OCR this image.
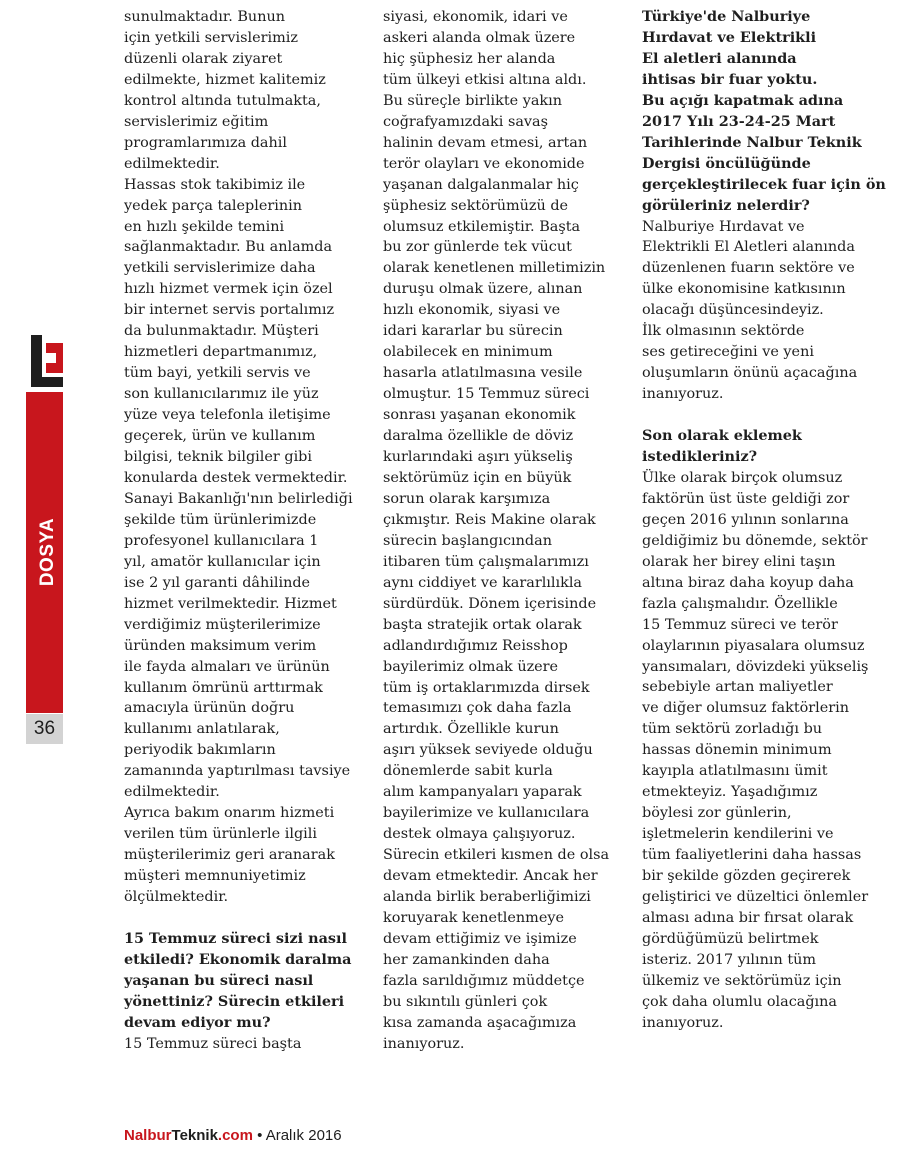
sunulmaktadır. Bunun

için yetkili servislerimiz

düzenli olarak ziyaret

edilmekte, hizmet kalitemiz

kontrol altında tutulmakta,

servislerimiz eğitim

programlarımıza dahil

edilmektedir.

Hassas stok takibimiz ile

yedek parça taleplerinin

en hızlı şekilde temini

sağlanmaktadır. Bu anlamda

yetkili servislerimize daha

hızlı hizmet vermek için özel

bir internet servis portalımız

da bulunmaktadır. Müşteri

hizmetleri departmanımız,

tüm bayi, yetkili servis ve

son kullanıcılarımız ile yüz

yüze veya telefonla iletişime

geçerek, ürün ve kullanım

bilgisi, teknik bilgiler gibi

konularda destek vermektedir.

Sanayi Bakanlığı'nın belirlediği

şekilde tüm ürünlerimizde

profesyonel kullanıcılara 1

yıl, amatör kullanıcılar için

ise 2 yıl garanti dâhilinde

hizmet verilmektedir. Hizmet

verdiğimiz müşterilerimize

üründen maksimum verim

ile fayda almaları ve ürünün

kullanım ömrünü arttırmak

amacıyla ürünün doğru

kullanımı anlatılarak,

periyodik bakımların

zamanında yaptırılması tavsiye

edilmektedir.

Ayrıca bakım onarım hizmeti

verilen tüm ürünlerle ilgili

müşterilerimiz geri aranarak

müşteri memnuniyetimiz

ölçülmektedir.

15 Temmuz süreci sizi nasıl

etkiledi? Ekonomik daralma

yaşanan bu süreci nasıl

yönettiniz? Sürecin etkileri

devam ediyor mu?

15 Temmuz süreci başta

siyasi, ekonomik, idari ve

askeri alanda olmak üzere

hiç şüphesiz her alanda

tüm ülkeyi etkisi altına aldı.

Bu süreçle birlikte yakın

coğrafyamızdaki savaş

halinin devam etmesi, artan

terör olayları ve ekonomide

yaşanan dalgalanmalar hiç

şüphesiz sektörümüzü de

olumsuz etkilemiştir. Başta

bu zor günlerde tek vücut

olarak kenetlenen milletimizin

duruşu olmak üzere, alınan

hızlı ekonomik, siyasi ve

idari kararlar bu sürecin

olabilecek en minimum

hasarla atlatılmasına vesile

olmuştur. 15 Temmuz süreci

sonrası yaşanan ekonomik

daralma özellikle de döviz

kurlarındaki aşırı yükseliş

sektörümüz için en büyük

sorun olarak karşımıza

çıkmıştır. Reis Makine olarak

sürecin başlangıcından

itibaren tüm çalışmalarımızı

aynı ciddiyet ve kararlılıkla

sürdürdük. Dönem içerisinde

başta stratejik ortak olarak

adlandırdığımız Reisshop

bayilerimiz olmak üzere

tüm iş ortaklarımızda dirsek

temasımızı çok daha fazla

artırdık. Özellikle kurun

aşırı yüksek seviyede olduğu

dönemlerde sabit kurla

alım kampanyaları yaparak

bayilerimize ve kullanıcılara

destek olmaya çalışıyoruz.

Sürecin etkileri kısmen de olsa

devam etmektedir. Ancak her

alanda birlik beraberliğimizi

koruyarak kenetlenmeye

devam ettiğimiz ve işimize

her zamankinden daha

fazla sarıldığımız müddetçe

bu sıkıntılı günleri çok

kısa zamanda aşacağımıza

inanıyoruz.

Türkiye'de Nalburiye

Hırdavat ve Elektrikli

El aletleri alanında

ihtisas bir fuar yoktu.

Bu açığı kapatmak adına

2017 Yılı 23-24-25 Mart

Tarihlerinde Nalbur Teknik

Dergisi öncülüğünde

gerçekleştirilecek fuar için ön

görüleriniz nelerdir?

Nalburiye Hırdavat ve

Elektrikli El Aletleri alanında

düzenlenen fuarın sektöre ve

ülke ekonomisine katkısının

olacağı düşüncesindeyiz.

İlk olmasının sektörde

ses getireceğini ve yeni

oluşumların önünü açacağına

inanıyoruz.

Son olarak eklemek

istedikleriniz?

Ülke olarak birçok olumsuz

faktörün üst üste geldiği zor

geçen 2016 yılının sonlarına

geldiğimiz bu dönemde, sektör

olarak her birey elini taşın

altına biraz daha koyup daha

fazla çalışmalıdır. Özellikle

15 Temmuz süreci ve terör

olaylarının piyasalara olumsuz

yansımaları, dövizdeki yükseliş

sebebiyle artan maliyetler

ve diğer olumsuz faktörlerin

tüm sektörü zorladığı bu

hassas dönemin minimum

kayıpla atlatılmasını ümit

etmekteyiz. Yaşadığımız

böylesi zor günlerin,

işletmelerin kendilerini ve

tüm faaliyetlerini daha hassas

bir şekilde gözden geçirerek

geliştirici ve düzeltici önlemler

alması adına bir fırsat olarak

gördüğümüzü belirtmek

isteriz. 2017 yılının tüm

ülkemiz ve sektörümüz için

çok daha olumlu olacağına

inanıyoruz.

DOSYA
36
NalburTeknik.com • Aralık 2016
